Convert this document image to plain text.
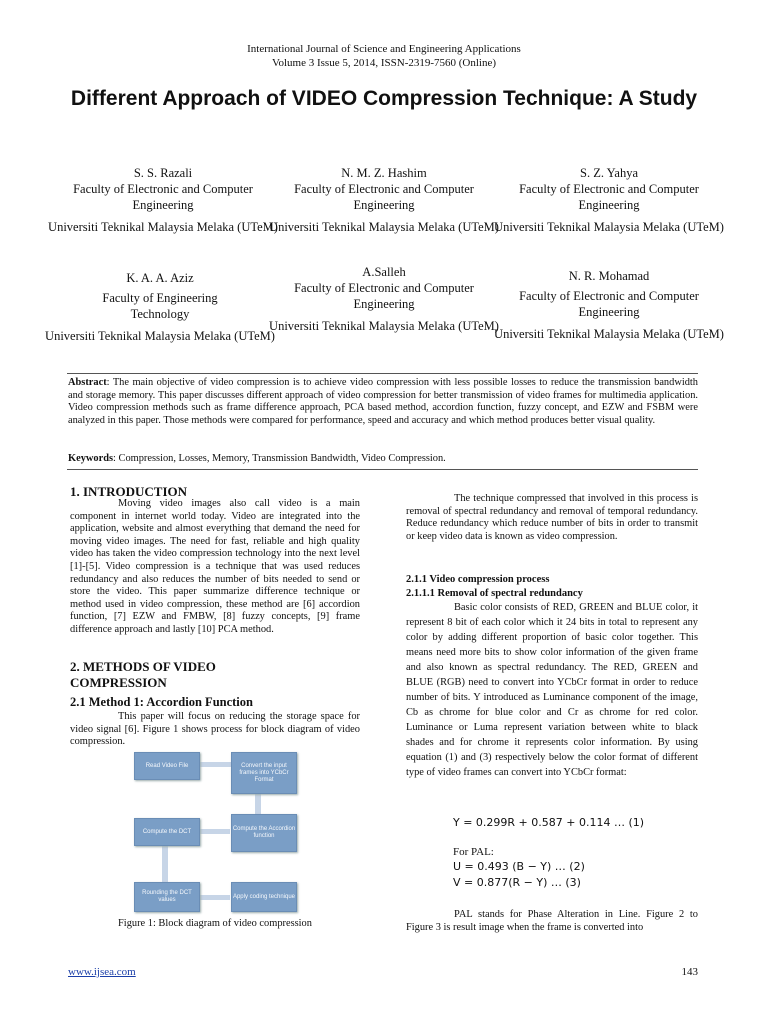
International Journal of Science and Engineering Applications
Volume 3 Issue 5, 2014, ISSN-2319-7560 (Online)
Different Approach of VIDEO Compression Technique: A Study
S. S. Razali
Faculty of Electronic and Computer Engineering
Universiti Teknikal Malaysia Melaka (UTeM)
N. M. Z. Hashim
Faculty of Electronic and Computer Engineering
Universiti Teknikal Malaysia Melaka (UTeM)
S. Z. Yahya
Faculty of Electronic and Computer Engineering
Universiti Teknikal Malaysia Melaka (UTeM)
K. A. A. Aziz
Faculty of Engineering Technology
Universiti Teknikal Malaysia Melaka (UTeM)
A.Salleh
Faculty of Electronic and Computer Engineering
Universiti Teknikal Malaysia Melaka (UTeM)
N. R. Mohamad
Faculty of Electronic and Computer Engineering
Universiti Teknikal Malaysia Melaka (UTeM)
Abstract: The main objective of video compression is to achieve video compression with less possible losses to reduce the transmission bandwidth and storage memory. This paper discusses different approach of video compression for better transmission of video frames for multimedia application. Video compression methods such as frame difference approach, PCA based method, accordion function, fuzzy concept, and EZW and FSBM were analyzed in this paper. Those methods were compared for performance, speed and accuracy and which method produces better visual quality.
Keywords: Compression, Losses, Memory, Transmission Bandwidth, Video Compression.
1. INTRODUCTION
Moving video images also call video is a main component in internet world today. Video are integrated into the application, website and almost everything that demand the need for moving video images. The need for fast, reliable and high quality video has taken the video compression technology into the next level [1]-[5]. Video compression is a technique that was used reduces redundancy and also reduces the number of bits needed to send or store the video. This paper summarize difference technique or method used in video compression, these method are [6] accordion function, [7] EZW and FMBW, [8] fuzzy concepts, [9] frame difference approach and lastly [10] PCA method.
2. METHODS OF VIDEO
COMPRESSION
2.1 Method 1: Accordion Function
This paper will focus on reducing the storage space for video signal [6]. Figure 1 shows process for block diagram of video compression.
Read Video File	Convert the input frames into YCbCr Format
Compute the DCT	Compute the Accordion function
Rounding the DCT values
Apply coding technique
Figure 1: Block diagram of video compression
The technique compressed that involved in this process is removal of spectral redundancy and removal of temporal redundancy. Reduce redundancy which reduce number of bits in order to transmit or keep video data is known as video compression.
2.1.1 Video compression process
2.1.1.1 Removal of spectral redundancy
Basic color consists of RED, GREEN and BLUE color, it represent 8 bit of each color which it 24 bits in total to represent any color by adding different proportion of basic color together. This means need more bits to show color information of the given frame and also known as spectral redundancy. The RED, GREEN and BLUE (RGB) need to convert into YCbCr format in order to reduce number of bits. Y introduced as Luminance component of the image, Cb as chrome for blue color and Cr as chrome for red color. Luminance or Luma represent variation between white to black shades and for chrome it represents color information. By using equation (1) and (3) respectively below the color format of different type of video frames can convert into YCbCr format:
Y = 0.299R + 0.587 + 0.114 … (1)
For PAL:
U = 0.493 (B − Y) … (2)
V = 0.877(R − Y) … (3)
PAL stands for Phase Alteration in Line. Figure 2 to Figure 3 is result image when the frame is converted into
www.ijsea.com	143
